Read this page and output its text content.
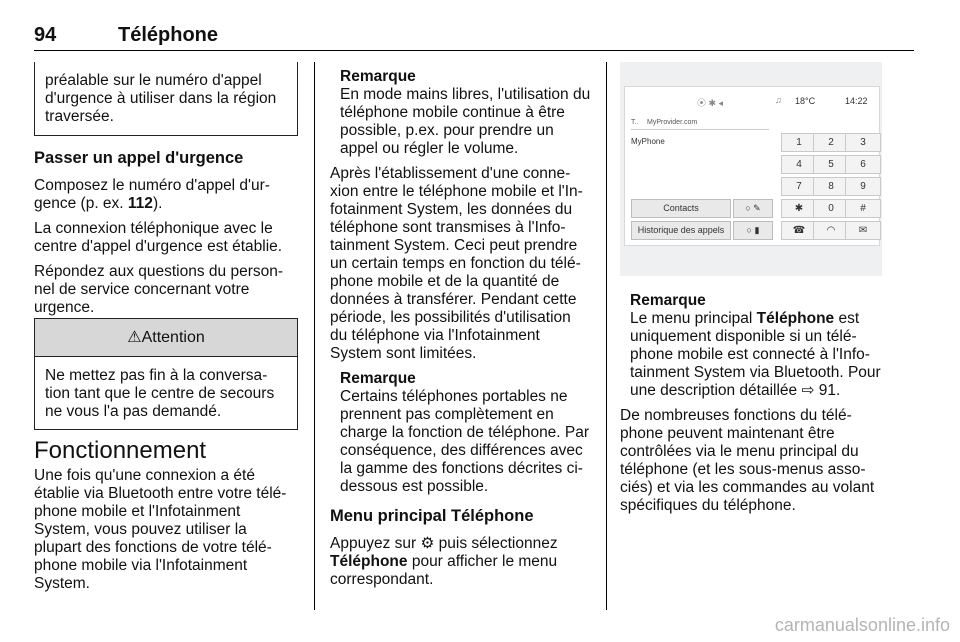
94	Téléphone

préalable sur le numéro d'appel

d'urgence à utiliser dans la région

traversée.

Passer un appel d'urgence

Composez le numéro d'appel d'ur-

gence (p. ex. 112).

La connexion téléphonique avec le

centre d'appel d'urgence est établie.

Répondez aux questions du person-

nel de service concernant votre

urgence.

⚠Attention

Ne mettez pas fin à la conversa-

tion tant que le centre de secours

ne vous l'a pas demandé.

Fonctionnement

Une fois qu'une connexion a été

établie via Bluetooth entre votre télé-

phone mobile et l'Infotainment

System, vous pouvez utiliser la

plupart des fonctions de votre télé-

phone mobile via l'Infotainment

System.

Remarque

En mode mains libres, l'utilisation du

téléphone mobile continue à être

possible, p.ex. pour prendre un

appel ou régler le volume.

Après l'établissement d'une conne-

xion entre le téléphone mobile et l'In-

fotainment System, les données du

téléphone sont transmises à l'Info-

tainment System. Ceci peut prendre

un certain temps en fonction du télé-

phone mobile et de la quantité de

données à transférer. Pendant cette

période, les possibilités d'utilisation

du téléphone via l'Infotainment

System sont limitées.

Remarque

Certains téléphones portables ne

prennent pas complètement en

charge la fonction de téléphone. Par

conséquence, des différences avec

la gamme des fonctions décrites ci-

dessous est possible.

Menu principal Téléphone

Appuyez sur ⚙ puis sélectionnez

Téléphone pour afficher le menu

correspondant.

⦿ ✱ ◂	♫ 18°C	14:22
T.. MyProvider.com
MyPhone	1	2	3
4	5	6
7	8	9
✱	0	#
☎	◠	✉
Contacts	○ ✎
Historique des appels	○ ▮

Remarque

Le menu principal Téléphone est

uniquement disponible si un télé-

phone mobile est connecté à l'Info-

tainment System via Bluetooth. Pour

une description détaillée ⇨ 91.

De nombreuses fonctions du télé-

phone peuvent maintenant être

contrôlées via le menu principal du

téléphone (et les sous-menus asso-

ciés) et via les commandes au volant

spécifiques du téléphone.

carmanualsonline.info
